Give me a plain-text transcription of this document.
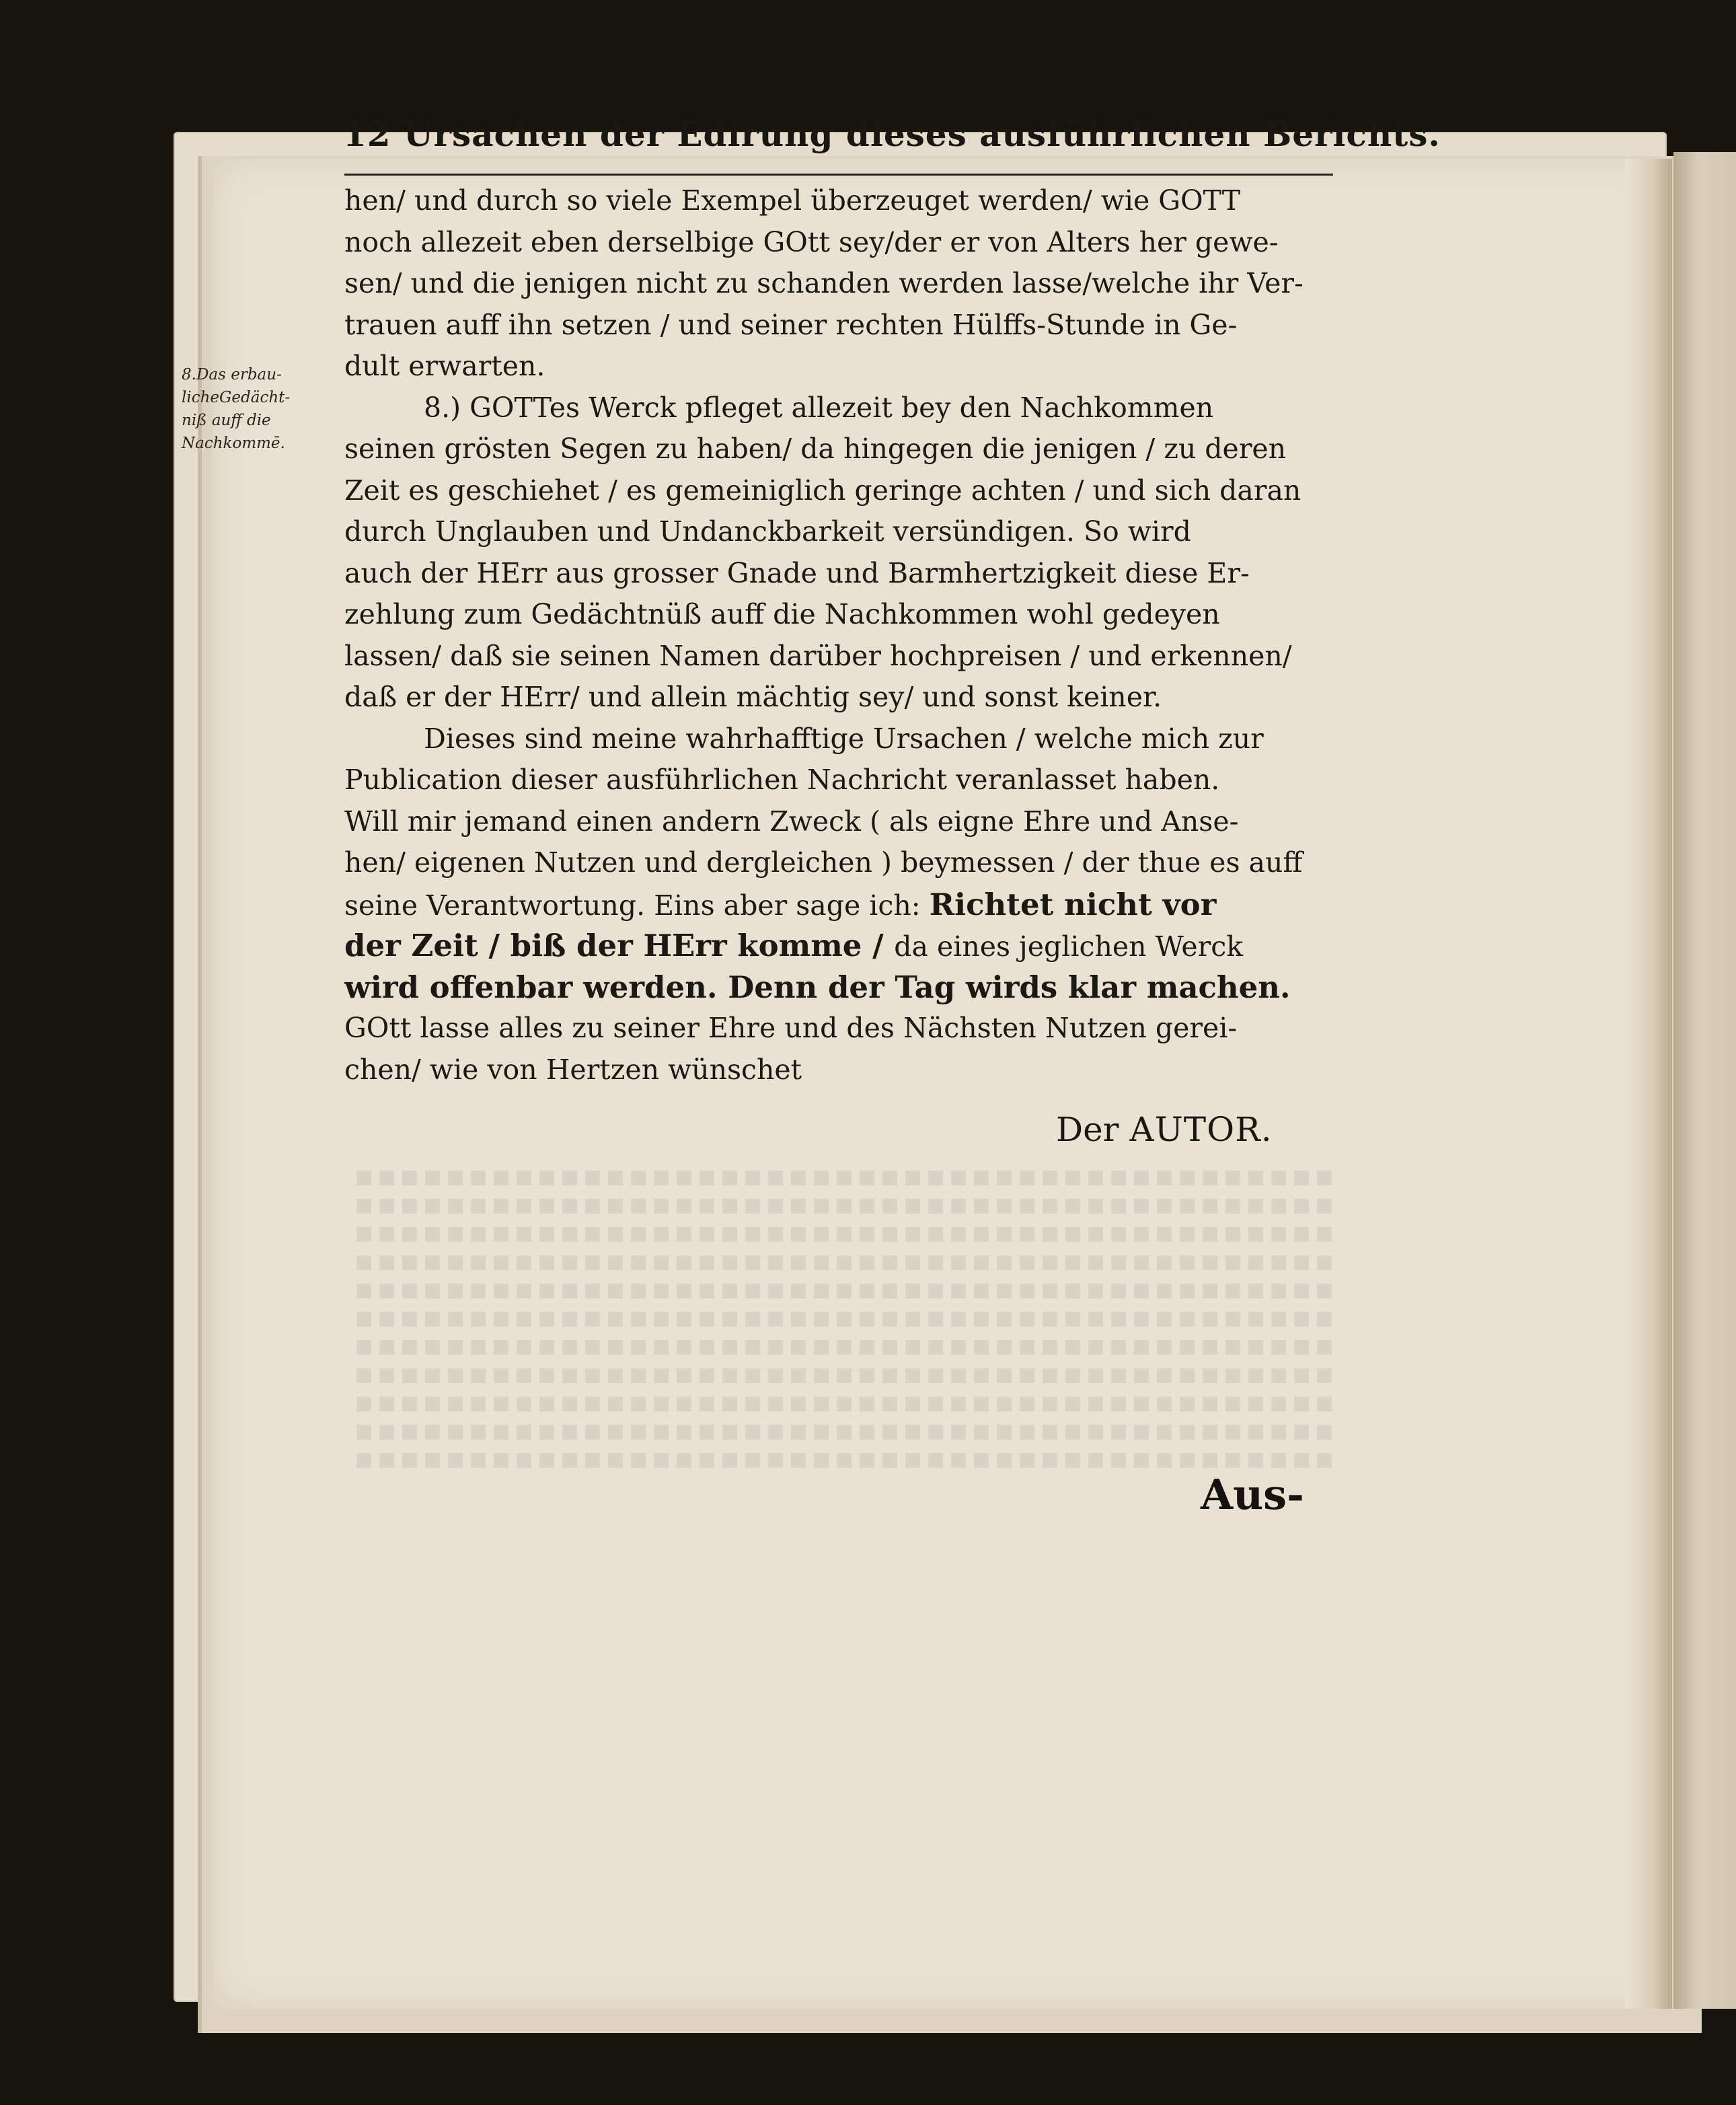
12 Ursachen der Edirung dieses ausführlichen Berichts.
8.Das erbau-
licheGedächt-
niß auff die
Nachkommē.
hen/ und durch so viele Exempel überzeuget werden/ wie GOTT
noch allezeit eben derselbige GOtt sey/der er von Alters her gewe-
sen/ und die jenigen nicht zu schanden werden lasse/welche ihr Ver-
trauen auff ihn setzen / und seiner rechten Hülffs-Stunde in Ge-
dult erwarten.
8.) GOTTes Werck pfleget allezeit bey den Nachkommen
seinen grösten Segen zu haben/ da hingegen die jenigen / zu deren
Zeit es geschiehet / es gemeiniglich geringe achten / und sich daran
durch Unglauben und Undanckbarkeit versündigen. So wird
auch der HErr aus grosser Gnade und Barmhertzigkeit diese Er-
zehlung zum Gedächtnüß auff die Nachkommen wohl gedeyen
lassen/ daß sie seinen Namen darüber hochpreisen / und erkennen/
daß er der HErr/ und allein mächtig sey/ und sonst keiner.
Dieses sind meine wahrhafftige Ursachen / welche mich zur
Publication dieser ausführlichen Nachricht veranlasset haben.
Will mir jemand einen andern Zweck ( als eigne Ehre und Anse-
hen/ eigenen Nutzen und dergleichen ) beymessen / der thue es auff
seine Verantwortung. Eins aber sage ich: Richtet nicht vor
der Zeit / biß der HErr komme / da eines jeglichen Werck
wird offenbar werden. Denn der Tag wirds klar machen.
GOtt lasse alles zu seiner Ehre und des Nächsten Nutzen gerei-
chen/ wie von Hertzen wünschet
Der AUTOR.
Aus-
